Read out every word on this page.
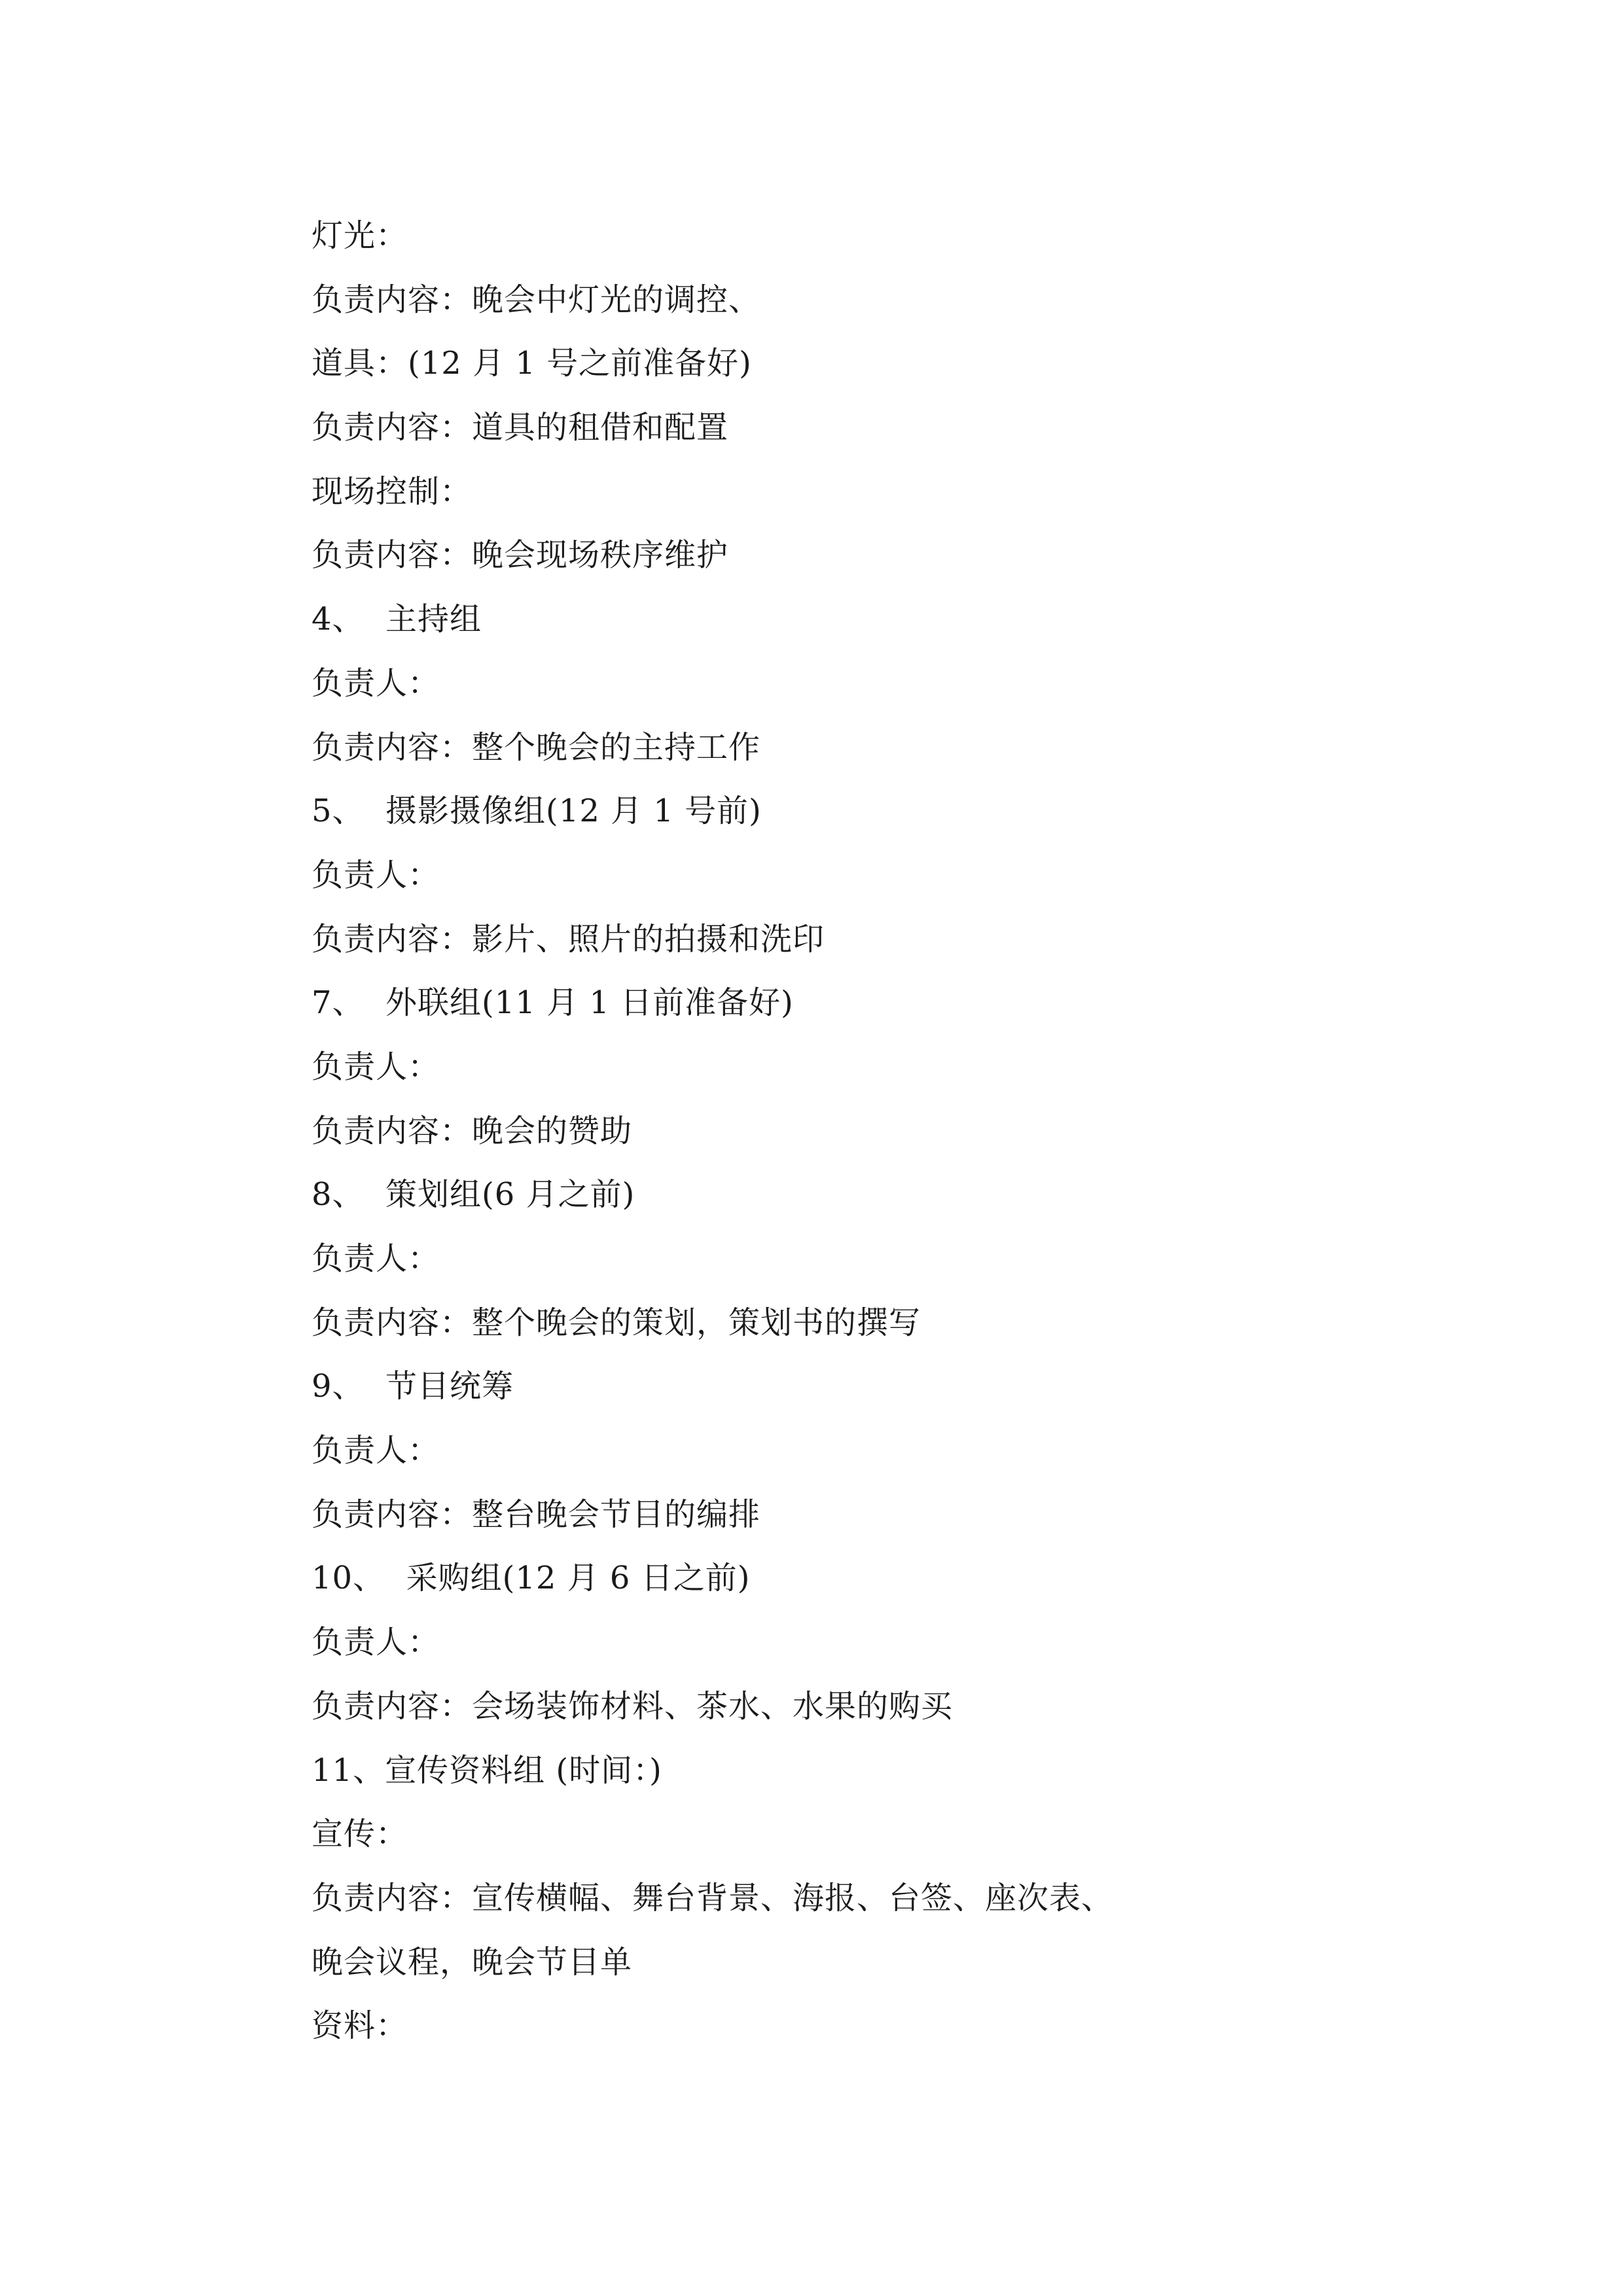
灯光：
负责内容：晚会中灯光的调控、
道具：(12 月 1 号之前准备好)
负责内容：道具的租借和配置
现场控制：
负责内容：晚会现场秩序维护
4、  主持组
负责人：
负责内容：整个晚会的主持工作
5、  摄影摄像组(12 月 1 号前)
负责人：
负责内容：影片、照片的拍摄和洗印
7、  外联组(11 月 1 日前准备好)
负责人：
负责内容：晚会的赞助
8、  策划组(6 月之前)
负责人：
负责内容：整个晚会的策划，策划书的撰写
9、  节目统筹
负责人：
负责内容：整台晚会节目的编排
10、  采购组(12 月 6 日之前)
负责人：
负责内容：会场装饰材料、茶水、水果的购买
11、宣传资料组 (时间：)
宣传：
负责内容：宣传横幅、舞台背景、海报、台签、座次表、
晚会议程，晚会节目单
资料：
